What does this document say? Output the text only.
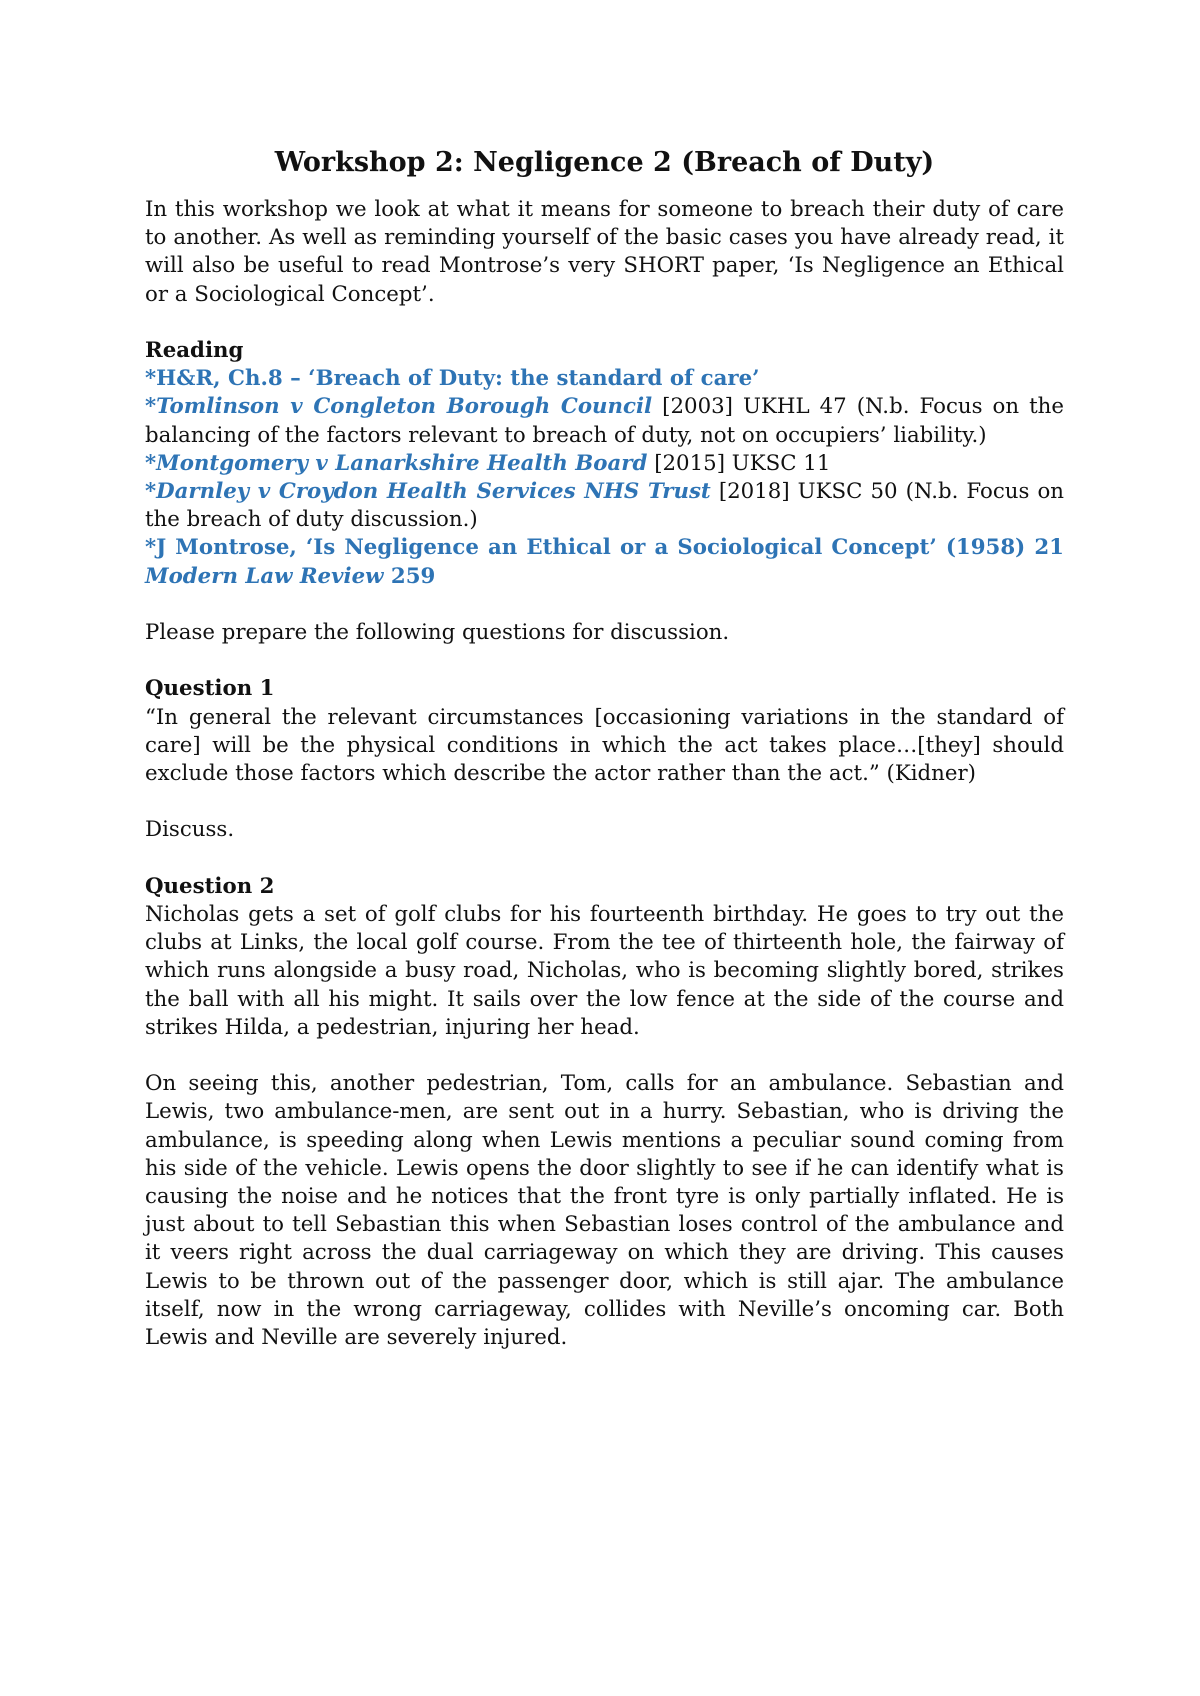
Workshop 2: Negligence 2 (Breach of Duty)

In this workshop we look at what it means for someone to breach their duty of care to another. As well as reminding yourself of the basic cases you have already read, it will also be useful to read Montrose’s very SHORT paper, ‘Is Negligence an Ethical or a Sociological Concept’.

Reading

*H&R, Ch.8 – ‘Breach of Duty: the standard of care’

*Tomlinson v Congleton Borough Council [2003] UKHL 47 (N.b. Focus on the balancing of the factors relevant to breach of duty, not on occupiers’ liability.)

*Montgomery v Lanarkshire Health Board [2015] UKSC 11

*Darnley v Croydon Health Services NHS Trust [2018] UKSC 50 (N.b. Focus on the breach of duty discussion.)

*J Montrose, ‘Is Negligence an Ethical or a Sociological Concept’ (1958) 21 Modern Law Review 259

Please prepare the following questions for discussion.

Question 1

“In general the relevant circumstances [occasioning variations in the standard of care] will be the physical conditions in which the act takes place…[they] should exclude those factors which describe the actor rather than the act.” (Kidner)

Discuss.

Question 2

Nicholas gets a set of golf clubs for his fourteenth birthday. He goes to try out the clubs at Links, the local golf course. From the tee of thirteenth hole, the fairway of which runs alongside a busy road, Nicholas, who is becoming slightly bored, strikes the ball with all his might. It sails over the low fence at the side of the course and strikes Hilda, a pedestrian, injuring her head.

On seeing this, another pedestrian, Tom, calls for an ambulance. Sebastian and Lewis, two ambulance-men, are sent out in a hurry. Sebastian, who is driving the ambulance, is speeding along when Lewis mentions a peculiar sound coming from his side of the vehicle. Lewis opens the door slightly to see if he can identify what is causing the noise and he notices that the front tyre is only partially inflated. He is just about to tell Sebastian this when Sebastian loses control of the ambulance and it veers right across the dual carriageway on which they are driving. This causes Lewis to be thrown out of the passenger door, which is still ajar. The ambulance itself, now in the wrong carriageway, collides with Neville’s oncoming car. Both Lewis and Neville are severely injured.
